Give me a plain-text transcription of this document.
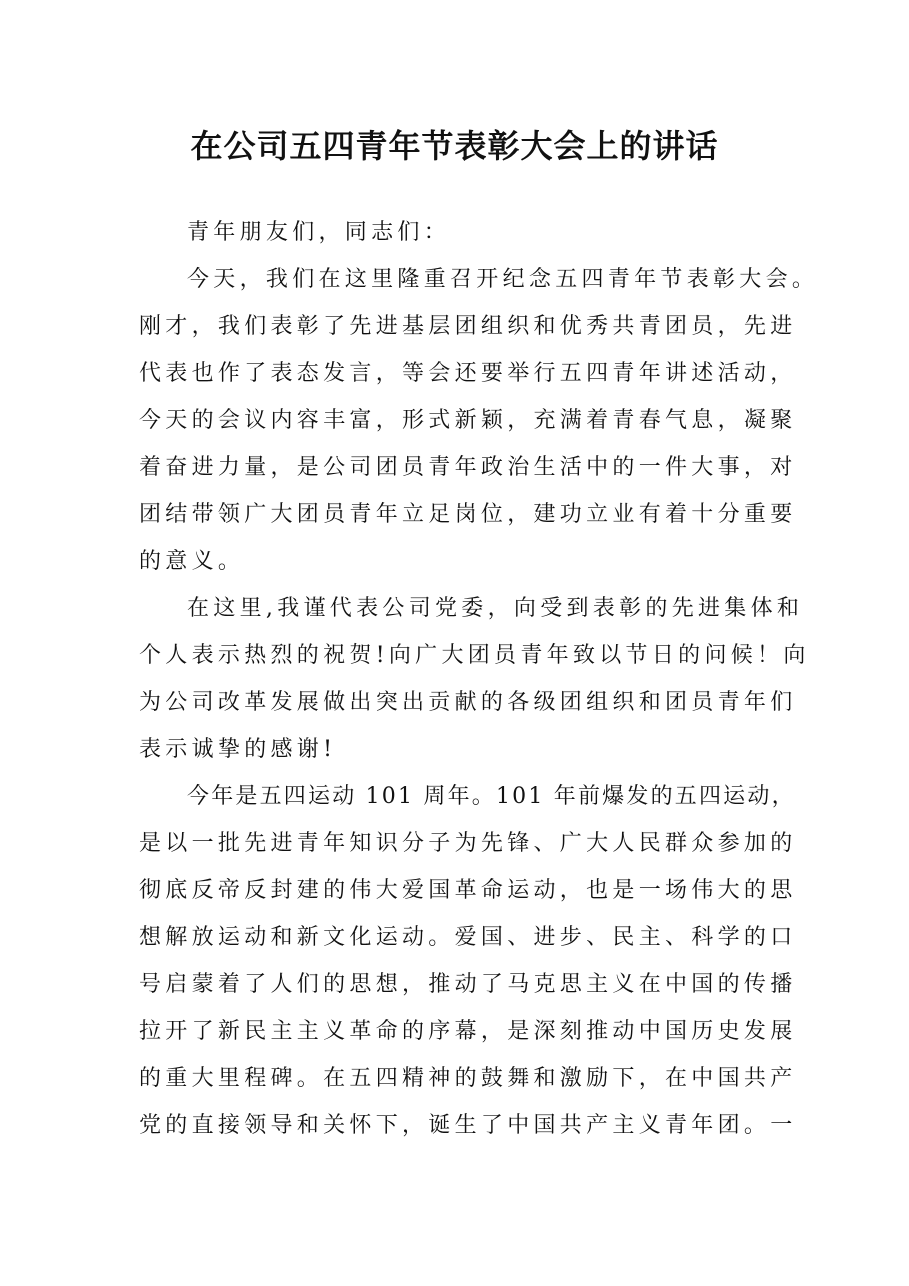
在公司五四青年节表彰大会上的讲话
青年朋友们，同志们：
今天，我们在这里隆重召开纪念五四青年节表彰大会。
刚才，我们表彰了先进基层团组织和优秀共青团员，先进
代表也作了表态发言，等会还要举行五四青年讲述活动，
今天的会议内容丰富，形式新颖，充满着青春气息，凝聚
着奋进力量，是公司团员青年政治生活中的一件大事，对
团结带领广大团员青年立足岗位，建功立业有着十分重要
的意义。
在这里,我谨代表公司党委，向受到表彰的先进集体和
个人表示热烈的祝贺!向广大团员青年致以节日的问候！向
为公司改革发展做出突出贡献的各级团组织和团员青年们
表示诚挚的感谢!
今年是五四运动 101 周年。101 年前爆发的五四运动，
是以一批先进青年知识分子为先锋、广大人民群众参加的
彻底反帝反封建的伟大爱国革命运动，也是一场伟大的思
想解放运动和新文化运动。爱国、进步、民主、科学的口
号启蒙着了人们的思想，推动了马克思主义在中国的传播
拉开了新民主主义革命的序幕，是深刻推动中国历史发展
的重大里程碑。在五四精神的鼓舞和激励下，在中国共产
党的直接领导和关怀下，诞生了中国共产主义青年团。一
